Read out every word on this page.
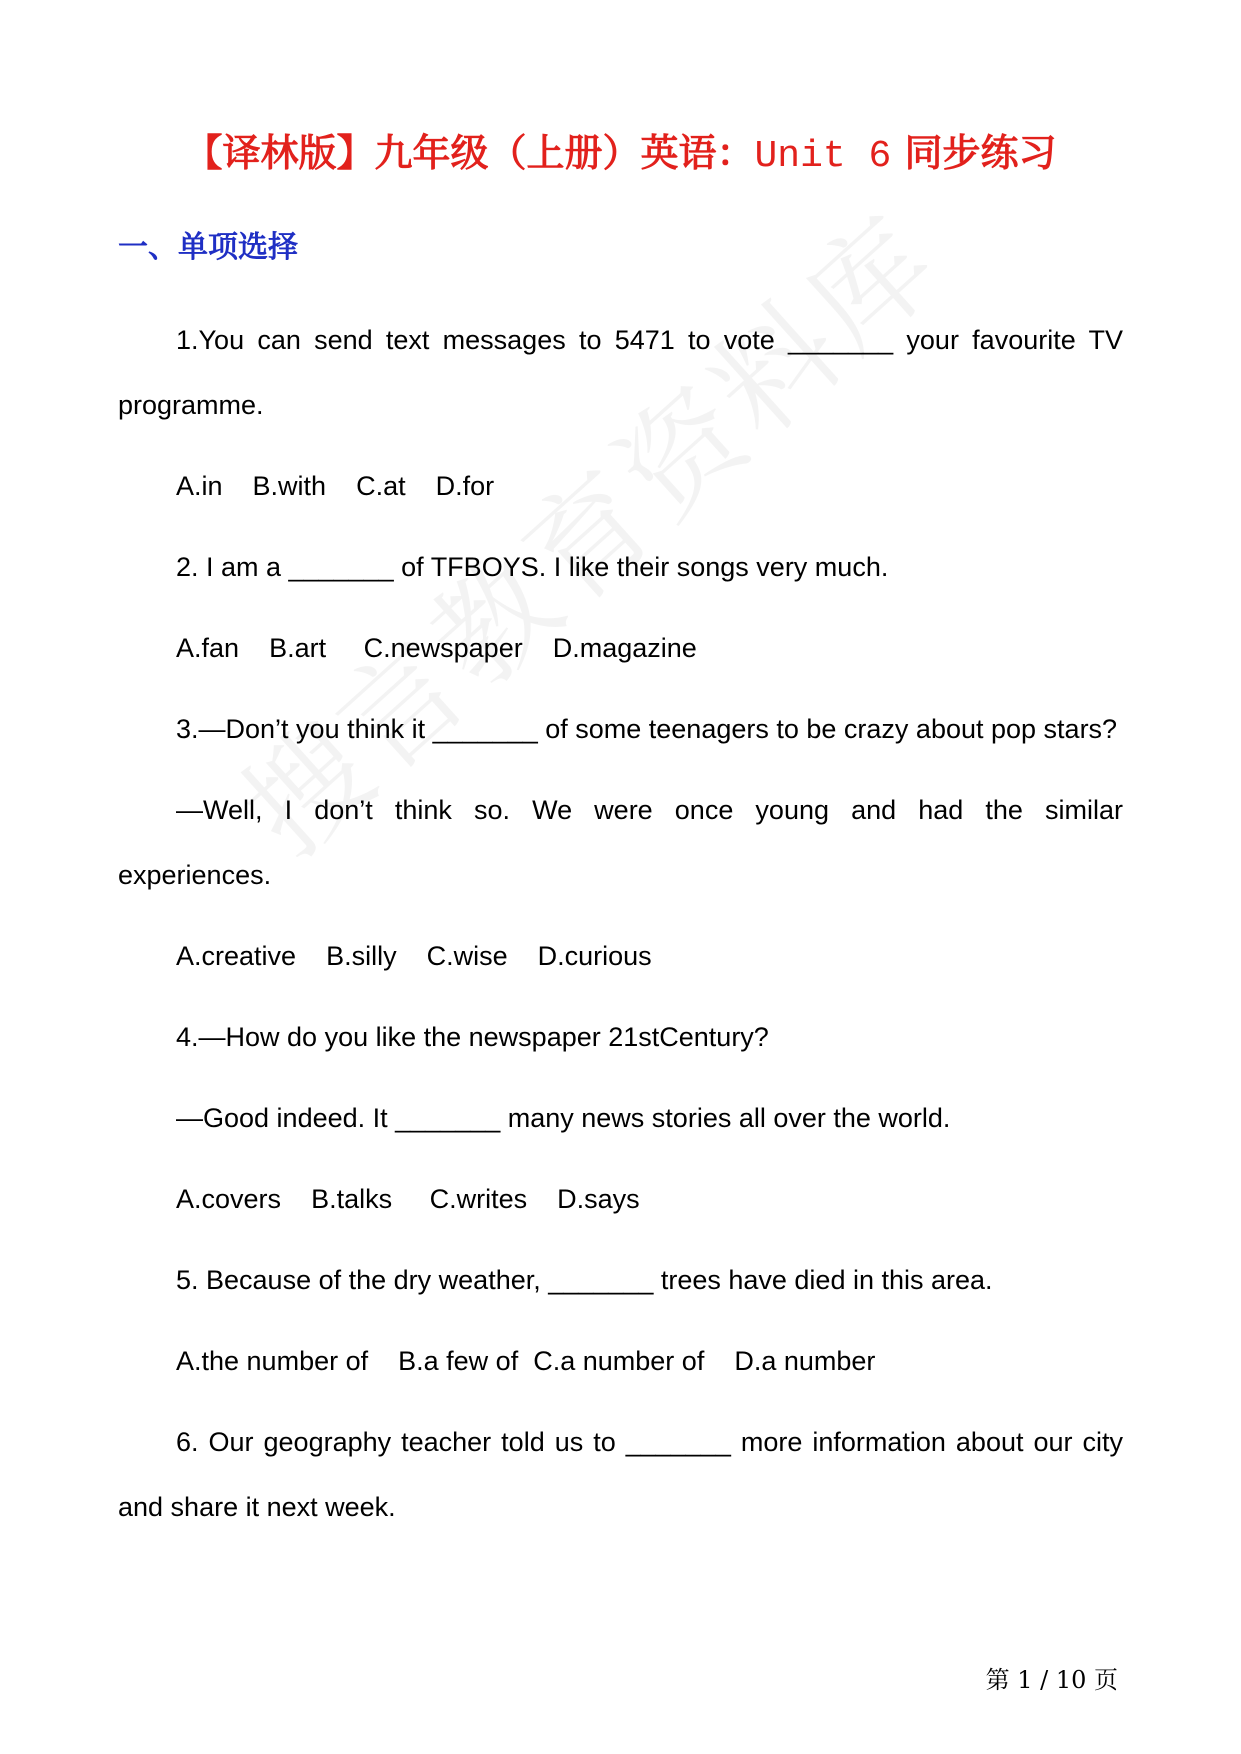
【译林版】九年级（上册）英语：Unit 6 同步练习
一、单项选择

1.You can send text messages to 5471 to vote _______ your favourite TV programme.

A.in B.with C.at D.for

2. I am a _______ of TFBOYS. I like their songs very much.

A.fan B.art C.newspaper D.magazine

3.—Don’t you think it _______ of some teenagers to be crazy about pop stars?

—Well, I don’t think so. We were once young and had the similar experiences.

A.creative B.silly C.wise D.curious

4.—How do you like the newspaper 21stCentury?

—Good indeed. It _______ many news stories all over the world.

A.covers B.talks C.writes D.says

5. Because of the dry weather, _______ trees have died in this area.

A.the number of B.a few of C.a number of D.a number

6. Our geography teacher told us to _______ more information about our city and share it next week.

第 1 / 10 页
